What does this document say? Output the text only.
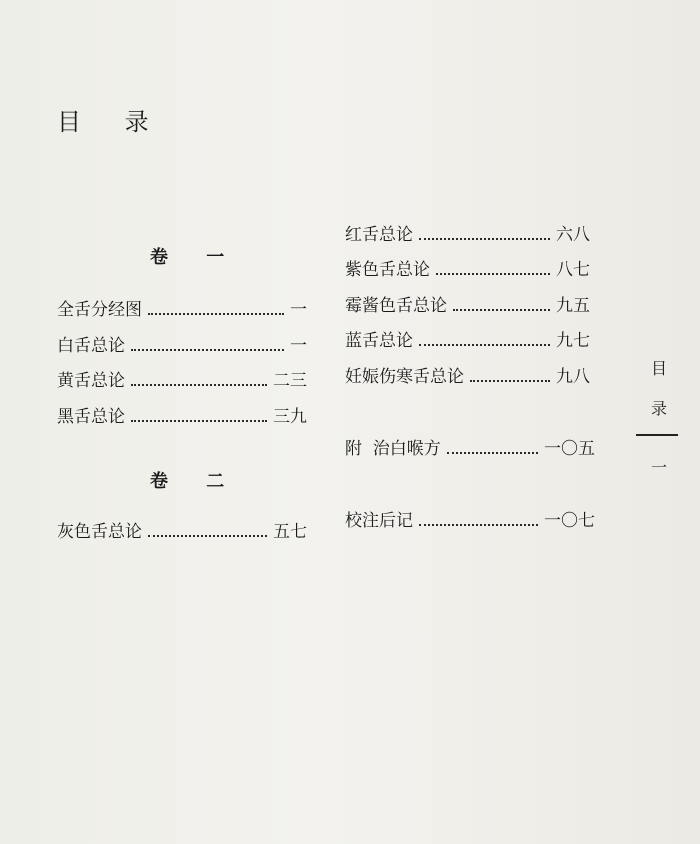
目 录
卷 一
全舌分经图	一
白舌总论	一
黄舌总论	二三
黑舌总论	三九
卷 二
灰色舌总论	五七
红舌总论	六八
紫色舌总论	八七
霉酱色舌总论	九五
蓝舌总论	九七
妊娠伤寒舌总论	九八
附  治白喉方	一〇五
校注后记	一〇七
目
录
一
